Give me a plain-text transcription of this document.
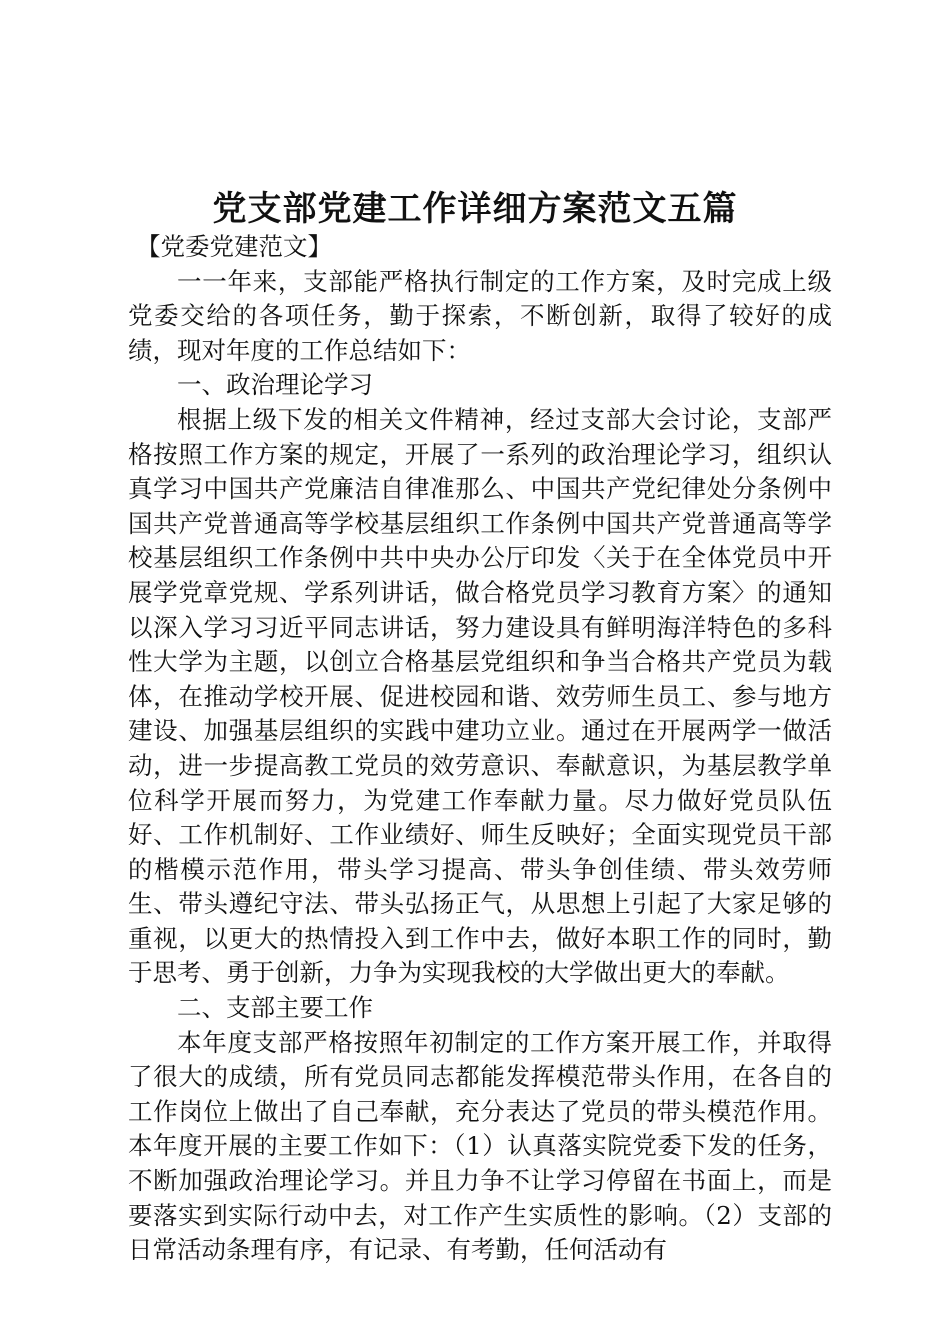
党支部党建工作详细方案范文五篇

【党委党建范文】

一一年来，支部能严格执行制定的工作方案，及时完成上级党委交给的各项任务，勤于探索，不断创新，取得了较好的成绩，现对年度的工作总结如下：

一、政治理论学习

根据上级下发的相关文件精神，经过支部大会讨论，支部严格按照工作方案的规定，开展了一系列的政治理论学习，组织认真学习中国共产党廉洁自律准那么、中国共产党纪律处分条例中国共产党普通高等学校基层组织工作条例中国共产党普通高等学校基层组织工作条例中共中央办公厅印发〈关于在全体党员中开展学党章党规、学系列讲话，做合格党员学习教育方案〉的通知以深入学习习近平同志讲话，努力建设具有鲜明海洋特色的多科性大学为主题，以创立合格基层党组织和争当合格共产党员为载体，在推动学校开展、促进校园和谐、效劳师生员工、参与地方建设、加强基层组织的实践中建功立业。通过在开展两学一做活动，进一步提高教工党员的效劳意识、奉献意识，为基层教学单位科学开展而努力，为党建工作奉献力量。尽力做好党员队伍好、工作机制好、工作业绩好、师生反映好；全面实现党员干部的楷模示范作用，带头学习提高、带头争创佳绩、带头效劳师生、带头遵纪守法、带头弘扬正气，从思想上引起了大家足够的重视，以更大的热情投入到工作中去，做好本职工作的同时，勤于思考、勇于创新，力争为实现我校的大学做出更大的奉献。

二、支部主要工作

本年度支部严格按照年初制定的工作方案开展工作，并取得了很大的成绩，所有党员同志都能发挥模范带头作用，在各自的工作岗位上做出了自己奉献，充分表达了党员的带头模范作用。本年度开展的主要工作如下：（1）认真落实院党委下发的任务，不断加强政治理论学习。并且力争不让学习停留在书面上，而是要落实到实际行动中去，对工作产生实质性的影响。（2）支部的日常活动条理有序，有记录、有考勤，任何活动有
